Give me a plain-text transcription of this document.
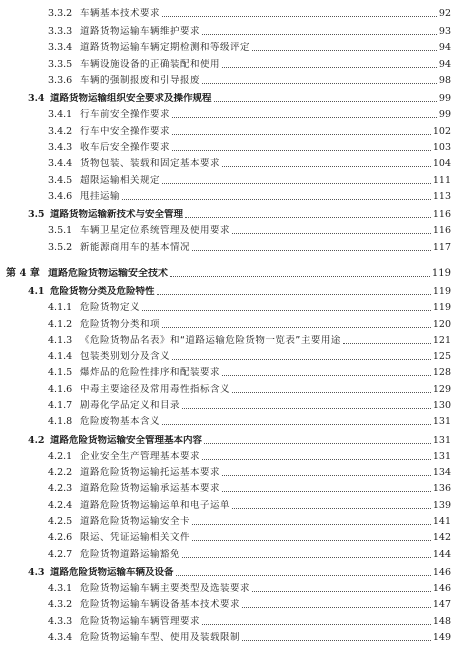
3.3.2 车辆基本技术要求	92
3.3.3 道路货物运输车辆维护要求	93
3.3.4 道路货物运输车辆定期检测和等级评定	94
3.3.5 车辆设施设备的正确装配和使用	94
3.3.6 车辆的强制报废和引导报废	98
3.4 道路货物运输组织安全要求及操作规程	99
3.4.1 行车前安全操作要求	99
3.4.2 行车中安全操作要求	102
3.4.3 收车后安全操作要求	103
3.4.4 货物包装、装载和固定基本要求	104
3.4.5 超限运输相关规定	111
3.4.6 甩挂运输	113
3.5 道路货物运输新技术与安全管理	116
3.5.1 车辆卫星定位系统管理及使用要求	116
3.5.2 新能源商用车的基本情况	117
第 4 章 道路危险货物运输安全技术	119
4.1 危险货物分类及危险特性	119
4.1.1 危险货物定义	119
4.1.2 危险货物分类和项	120
4.1.3 《危险货物品名表》和“道路运输危险货物一览表”主要用途	121
4.1.4 包装类别划分及含义	125
4.1.5 爆炸品的危险性排序和配装要求	128
4.1.6 中毒主要途径及常用毒性指标含义	129
4.1.7 剧毒化学品定义和目录	130
4.1.8 危险废物基本含义	131
4.2 道路危险货物运输安全管理基本内容	131
4.2.1 企业安全生产管理基本要求	131
4.2.2 道路危险货物运输托运基本要求	134
4.2.3 道路危险货物运输承运基本要求	136
4.2.4 道路危险货物运输运单和电子运单	139
4.2.5 道路危险货物运输安全卡	141
4.2.6 限运、凭证运输相关文件	142
4.2.7 危险货物道路运输豁免	144
4.3 道路危险货物运输车辆及设备	146
4.3.1 危险货物运输车辆主要类型及选装要求	146
4.3.2 危险货物运输车辆设备基本技术要求	147
4.3.3 危险货物运输车辆管理要求	148
4.3.4 危险货物运输车型、使用及装载限制	149
